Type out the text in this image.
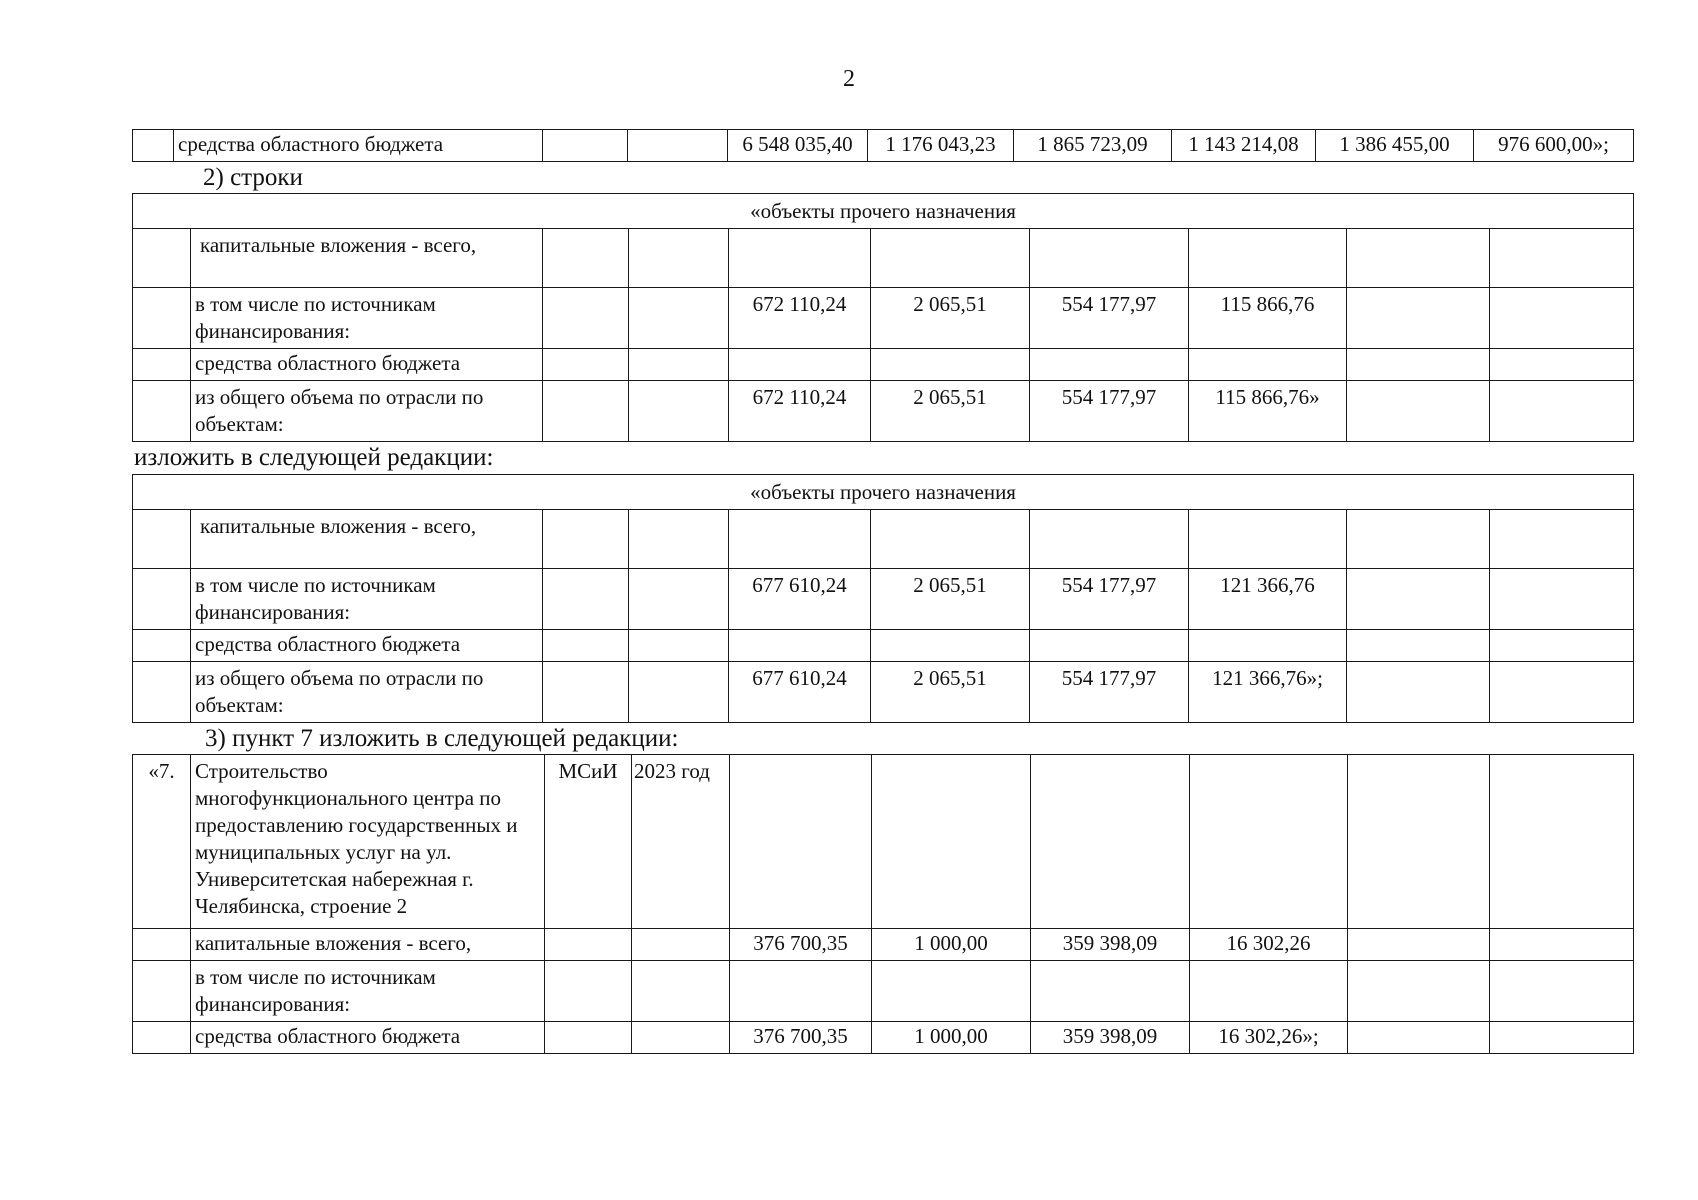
2
	средства областного бюджета			6 548 035,40	1 176 043,23	1 865 723,09	1 143 214,08	1 386 455,00	976 600,00»;
2) строки
«объекты прочего назначения									
	капитальные вложения - всего,								
	в том числе по источникам финансирования:			672 110,24	2 065,51	554 177,97	115 866,76		
	средства областного бюджета								
	из общего объема по отрасли по объектам:			672 110,24	2 065,51	554 177,97	115 866,76»		
изложить в следующей редакции:
«объекты прочего назначения									
	капитальные вложения - всего,								
	в том числе по источникам финансирования:			677 610,24	2 065,51	554 177,97	121 366,76		
	средства областного бюджета								
	из общего объема по отрасли по объектам:			677 610,24	2 065,51	554 177,97	121 366,76»;		
3) пункт 7 изложить в следующей редакции:
«7.	Строительство многофункционального центра по предоставлению государственных и муниципальных услуг на ул. Университетская набережная г. Челябинска, строение 2	МСиИ	2023 год						
	капитальные вложения - всего,			376 700,35	1 000,00	359 398,09	16 302,26		
	в том числе по источникам финансирования:								
	средства областного бюджета			376 700,35	1 000,00	359 398,09	16 302,26»;		
